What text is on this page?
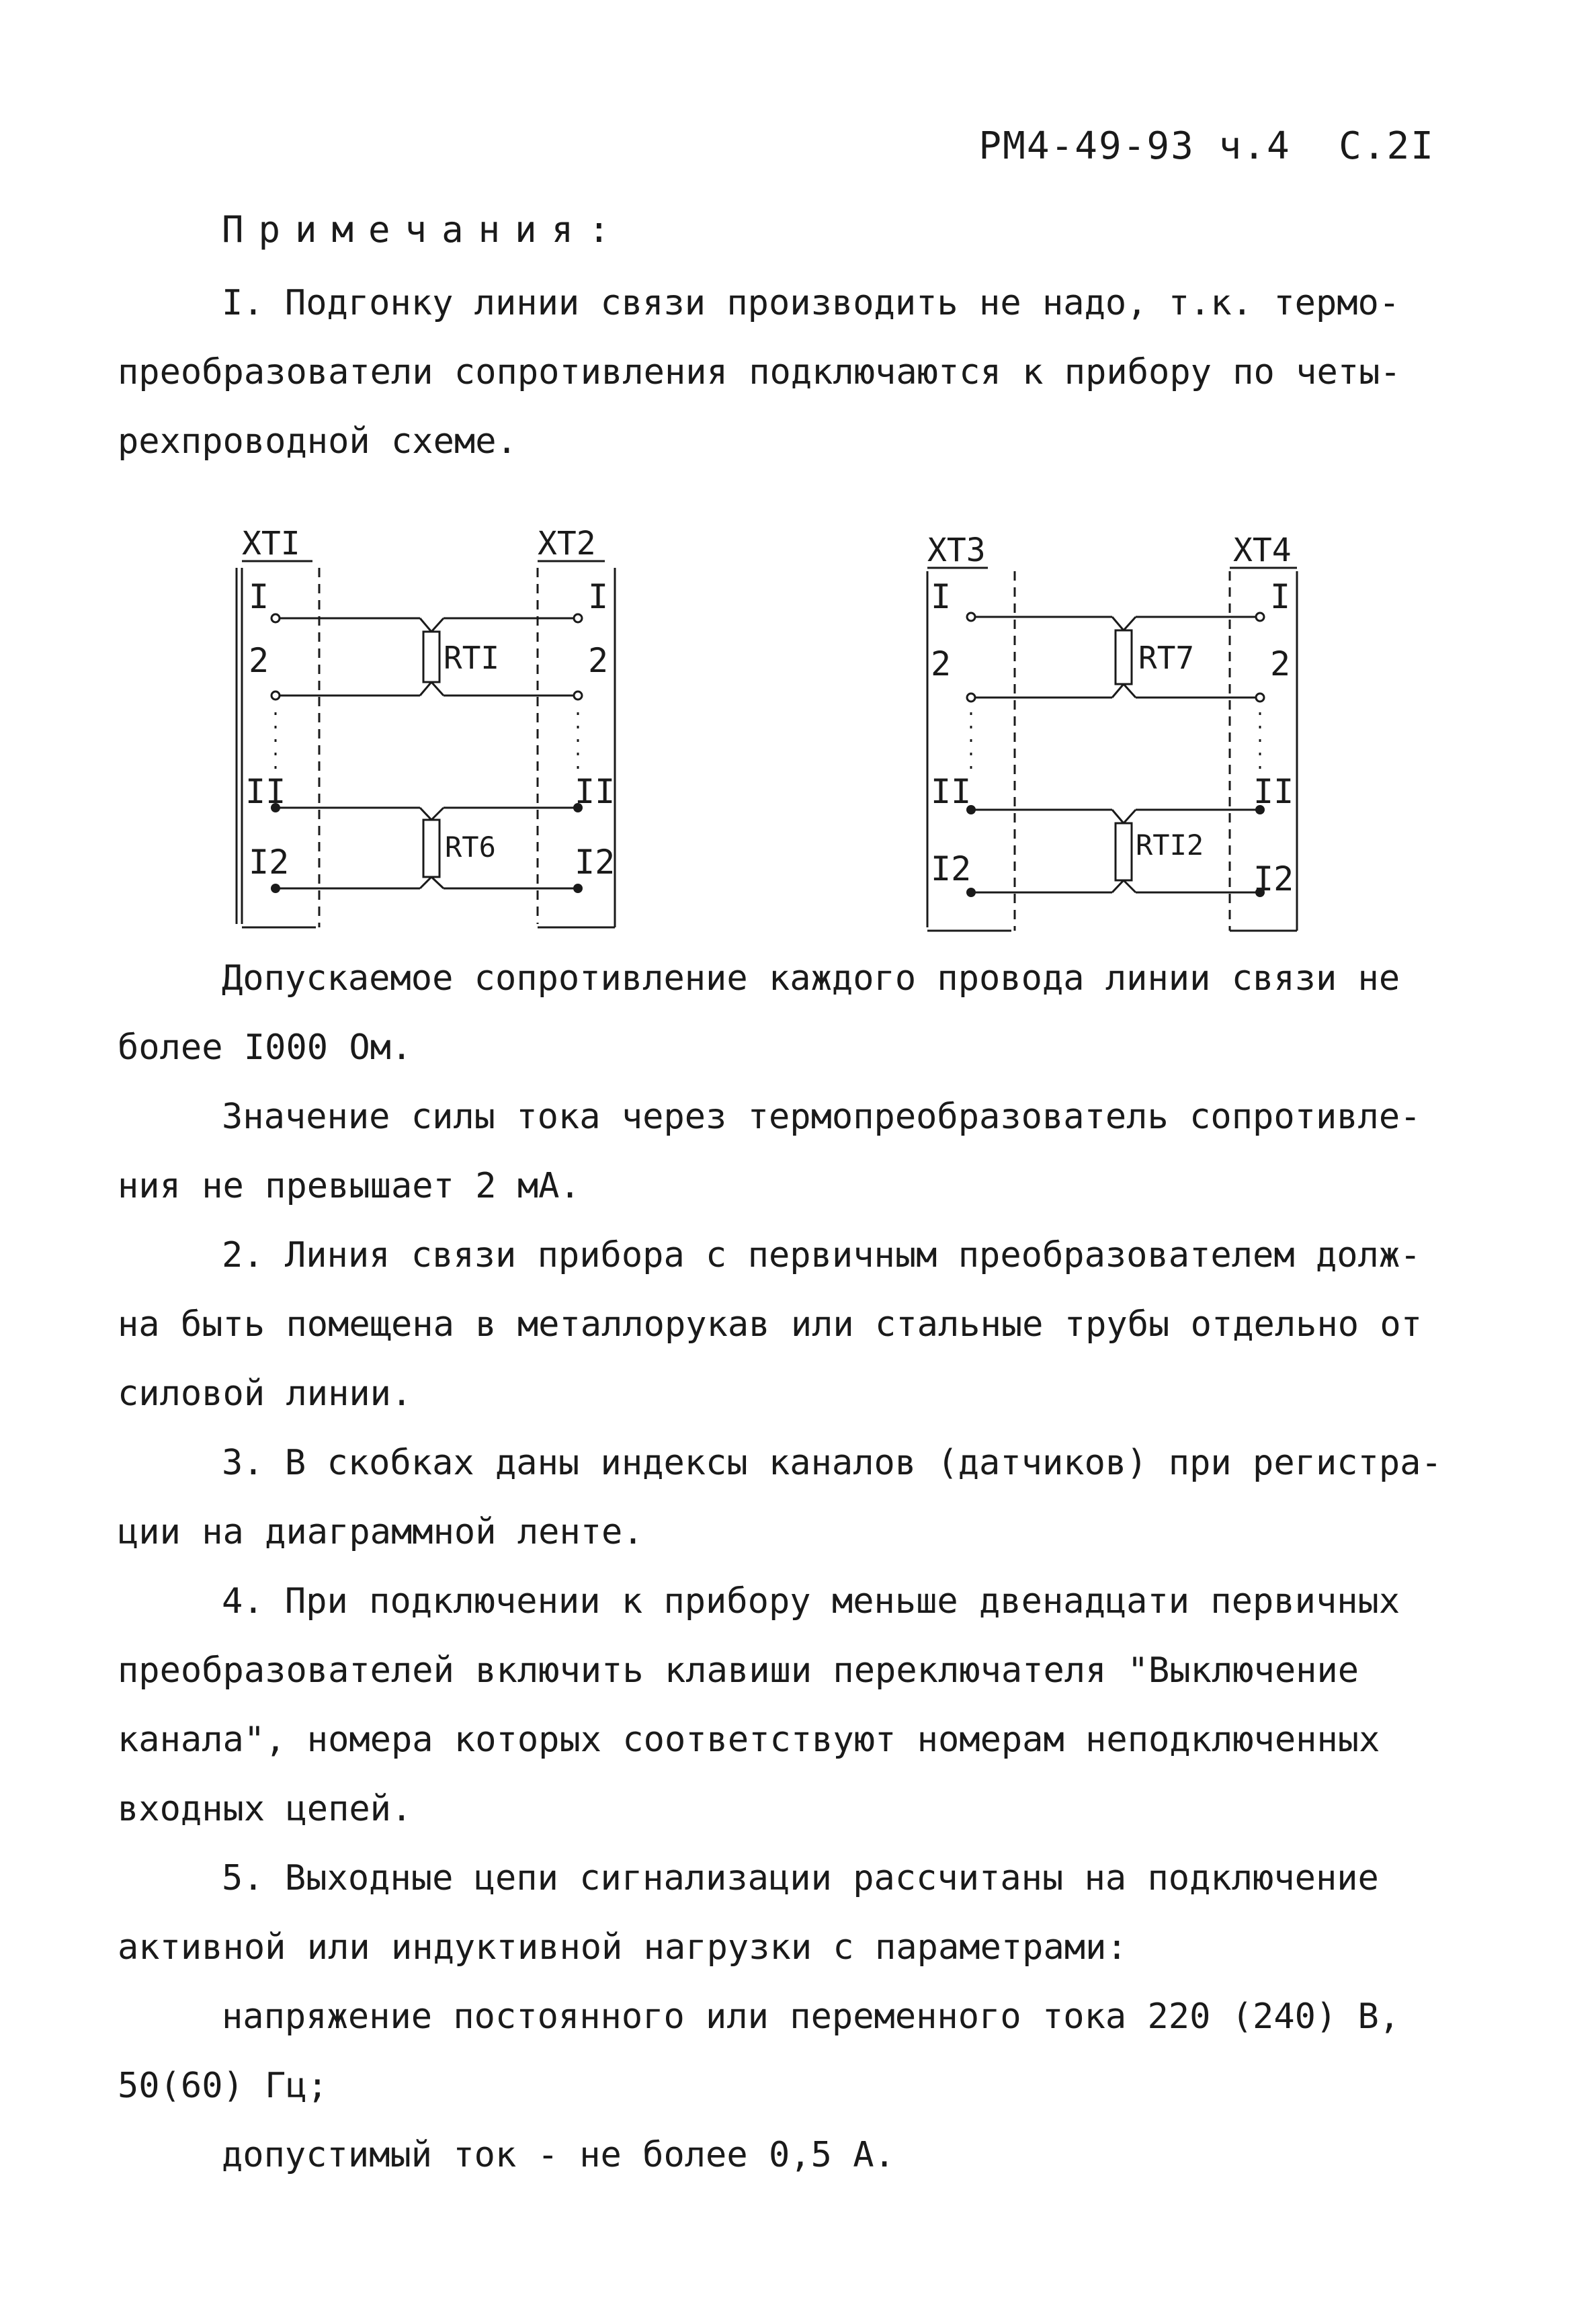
РМ4-49-93 ч.4  С.2I
Примечания:
I. Подгонку линии связи производить не надо, т.к. термо-
преобразователи сопротивления подключаются к прибору по четы-
рехпроводной схеме.
XTI	XT2
I	I
2	2
II	II
I2	I2
RTI
RT6
XT3	XT4
I	I
2	2
II	II
I2	I2
RT7
RTI2
Допускаемое сопротивление каждого провода линии связи не
более I000 Ом.
Значение силы тока через термопреобразователь сопротивле-
ния не превышает 2 мА.
2. Линия связи прибора с первичным преобразователем долж-
на быть помещена в металлорукав или стальные трубы отдельно от
силовой линии.
3. В скобках даны индексы каналов (датчиков) при регистра-
ции на диаграммной ленте.
4. При подключении к прибору меньше двенадцати первичных
преобразователей включить клавиши переключателя "Выключение
канала", номера которых соответствуют номерам неподключенных
входных цепей.
5. Выходные цепи сигнализации рассчитаны на подключение
активной или индуктивной нагрузки с параметрами:
напряжение постоянного или переменного тока 220 (240) В,
50(60) Гц;
допустимый ток - не более 0,5 А.
